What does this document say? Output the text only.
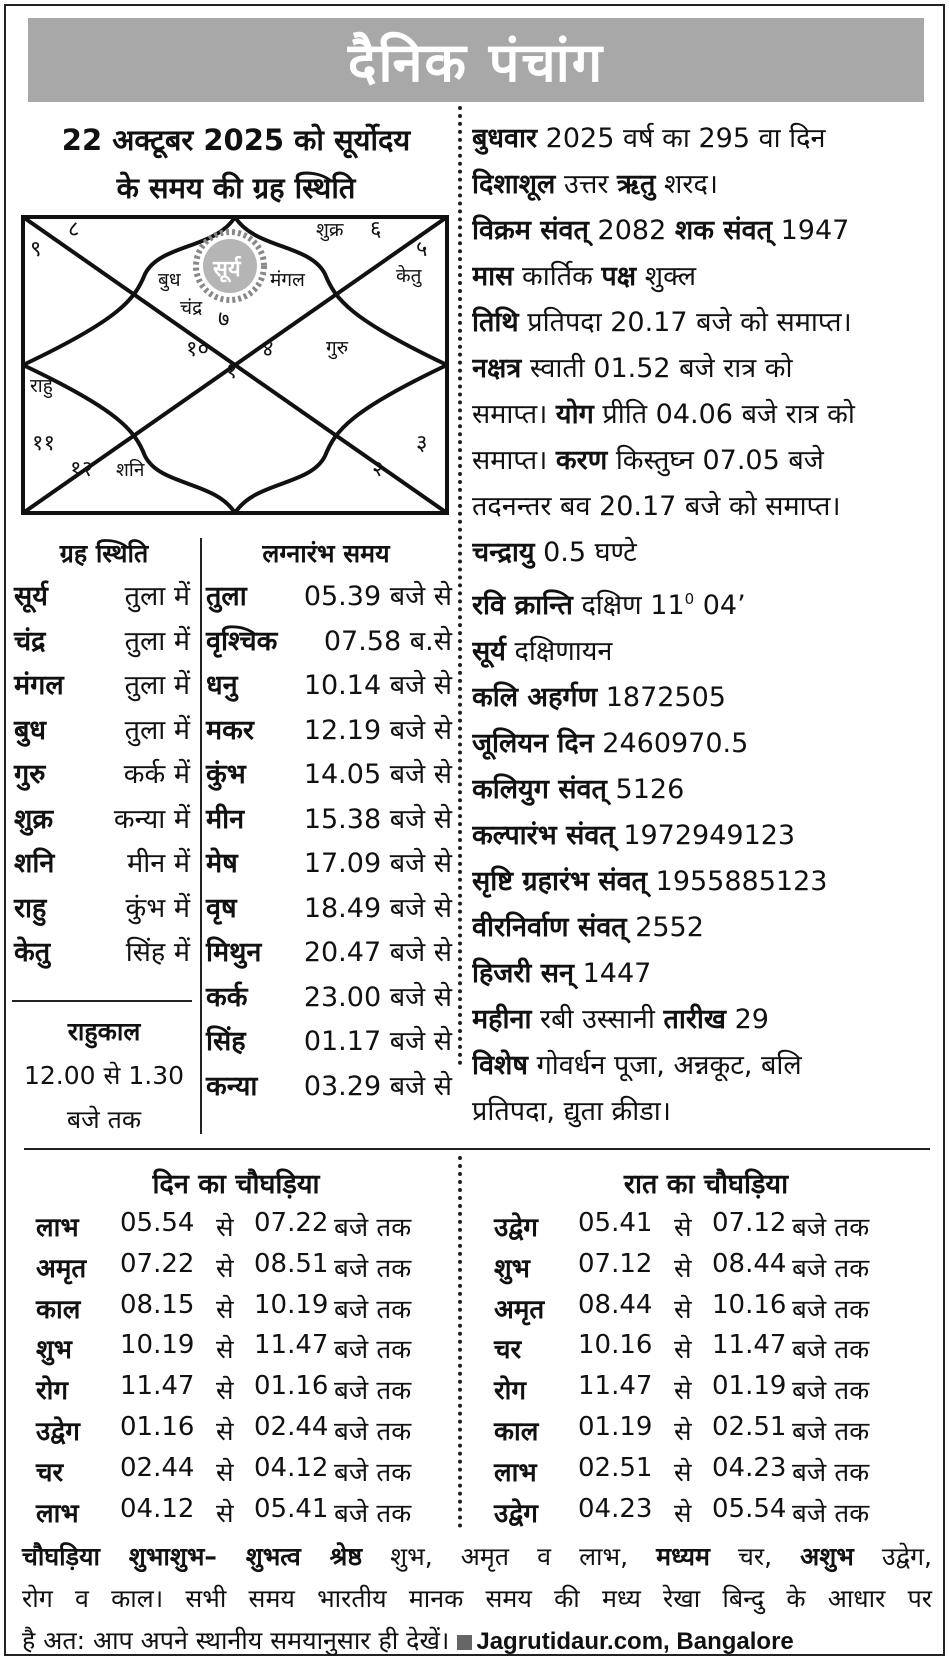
दैनिक पंचांग
22 अक्टूबर 2025 को सूर्योदय
के समय की ग्रह स्थिति
सूर्य
बुध	मंगल
चंद्र
शुक्र
केतु
गुरु
राहु
शनि
८
९	५
६
१० ४
७
१
११	३
१२	२
बुधवार 2025 वर्ष का 295 वा दिन
दिशाशूल उत्तर ऋतु शरद।
विक्रम संवत् 2082 शक संवत् 1947
मास कार्तिक पक्ष शुक्ल
तिथि प्रतिपदा 20.17 बजे को समाप्त।
नक्षत्र स्वाती 01.52 बजे रात्र को
समाप्त। योग प्रीति 04.06 बजे रात्र को
समाप्त। करण किस्तुघ्न 07.05 बजे
तदनन्तर बव 20.17 बजे को समाप्त।
चन्द्रायु 0.5 घण्टे
रवि क्रान्ति दक्षिण $11^0$ 04’
सूर्य दक्षिणायन
कलि अहर्गण 1872505
जूलियन दिन 2460970.5
कलियुग संवत् 5126
कल्पारंभ संवत् 1972949123
सृष्टि ग्रहारंभ संवत् 1955885123
वीरनिर्वाण संवत् 2552
हिजरी सन् 1447
महीना रबी उस्सानी तारीख 29
विशेष गोवर्धन पूजा, अन्नकूट, बलि
प्रतिपदा, द्युता क्रीडा।
ग्रह स्थिति
सूर्य	तुला में
चंद्र	तुला में
मंगल तुला में
बुध	तुला में
गुरु	कर्क में
शुक्र कन्या में
शनि	मीन में
राहु	कुंभ में
केतु	सिंह में
राहुकाल
12.00 से 1.30
बजे तक
लग्नारंभ समय
तुला 05.39 बजे से
वृश्चिक 07.58 ब.से
धनु 10.14 बजे से
मकर 12.19 बजे से
कुंभ 14.05 बजे से
मीन 15.38 बजे से
मेष 17.09 बजे से
वृष 18.49 बजे से
मिथुन 20.47 बजे से
कर्क 23.00 बजे से
सिंह 01.17 बजे से
कन्या 03.29 बजे से
दिन का चौघड़िया	रात का चौघड़िया
लाभ 05.54 से 07.22 बजे तक
अमृत 07.22 से 08.51 बजे तक
काल 08.15 से 10.19 बजे तक
शुभ 10.19 से 11.47 बजे तक
रोग 11.47 से 01.16 बजे तक
उद्वेग 01.16 से 02.44 बजे तक
चर 02.44 से 04.12 बजे तक
लाभ 04.12 से 05.41 बजे तक
उद्वेग 05.41 से 07.12 बजे तक
शुभ 07.12 से 08.44 बजे तक
अमृत 08.44 से 10.16 बजे तक
चर 10.16 से 11.47 बजे तक
रोग 11.47 से 01.19 बजे तक
काल 01.19 से 02.51 बजे तक
लाभ 02.51 से 04.23 बजे तक
उद्वेग 04.23 से 05.54 बजे तक
चौघड़िया शुभाशुभ– शुभत्व श्रेष्ठ शुभ, अमृत व लाभ, मध्यम चर, अशुभ उद्वेग,
रोग व काल। सभी समय भारतीय मानक समय की मध्य रेखा बिन्दु के आधार पर
है अत: आप अपने स्थानीय समयानुसार ही देखें। Jagrutidaur.com, Bangalore
